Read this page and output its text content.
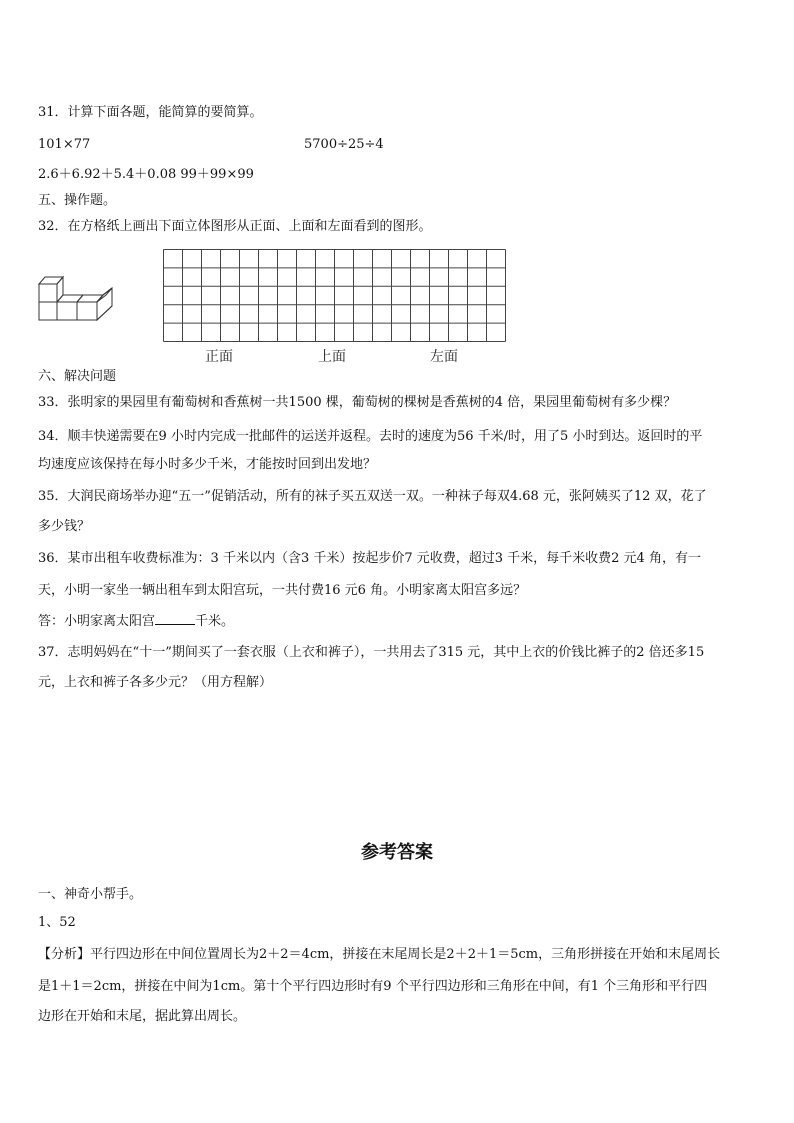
31．计算下面各题，能简算的要简算。
101×77	5700÷25÷4
2.6＋6.92＋5.4＋0.08 99＋99×99
五、操作题。
32．在方格纸上画出下面立体图形从正面、上面和左面看到的图形。
正面	上面	左面
六、解决问题
33．张明家的果园里有葡萄树和香蕉树一共1500 棵，葡萄树的棵树是香蕉树的4 倍，果园里葡萄树有多少棵？
34．顺丰快递需要在9 小时内完成一批邮件的运送并返程。去时的速度为56 千米/时，用了5 小时到达。返回时的平
均速度应该保持在每小时多少千米，才能按时回到出发地？
35．大润民商场举办迎“五一”促销活动，所有的袜子买五双送一双。一种袜子每双4.68 元，张阿姨买了12 双，花了
多少钱？
36．某市出租车收费标准为：3 千米以内（含3 千米）按起步价7 元收费，超过3 千米，每千米收费2 元4 角，有一
天，小明一家坐一辆出租车到太阳宫玩，一共付费16 元6 角。小明家离太阳宫多远？
答：小明家离太阳宫	千米。
37．志明妈妈在“十一”期间买了一套衣服（上衣和裤子），一共用去了315 元，其中上衣的价钱比裤子的2 倍还多15
元，上衣和裤子各多少元？（用方程解）
参考答案
一、神奇小帮手。
1、52
【分析】平行四边形在中间位置周长为2＋2＝4cm，拼接在末尾周长是2＋2＋1＝5cm，三角形拼接在开始和末尾周长
是1＋1＝2cm，拼接在中间为1cm。第十个平行四边形时有9 个平行四边形和三角形在中间，有1 个三角形和平行四
边形在开始和末尾，据此算出周长。
